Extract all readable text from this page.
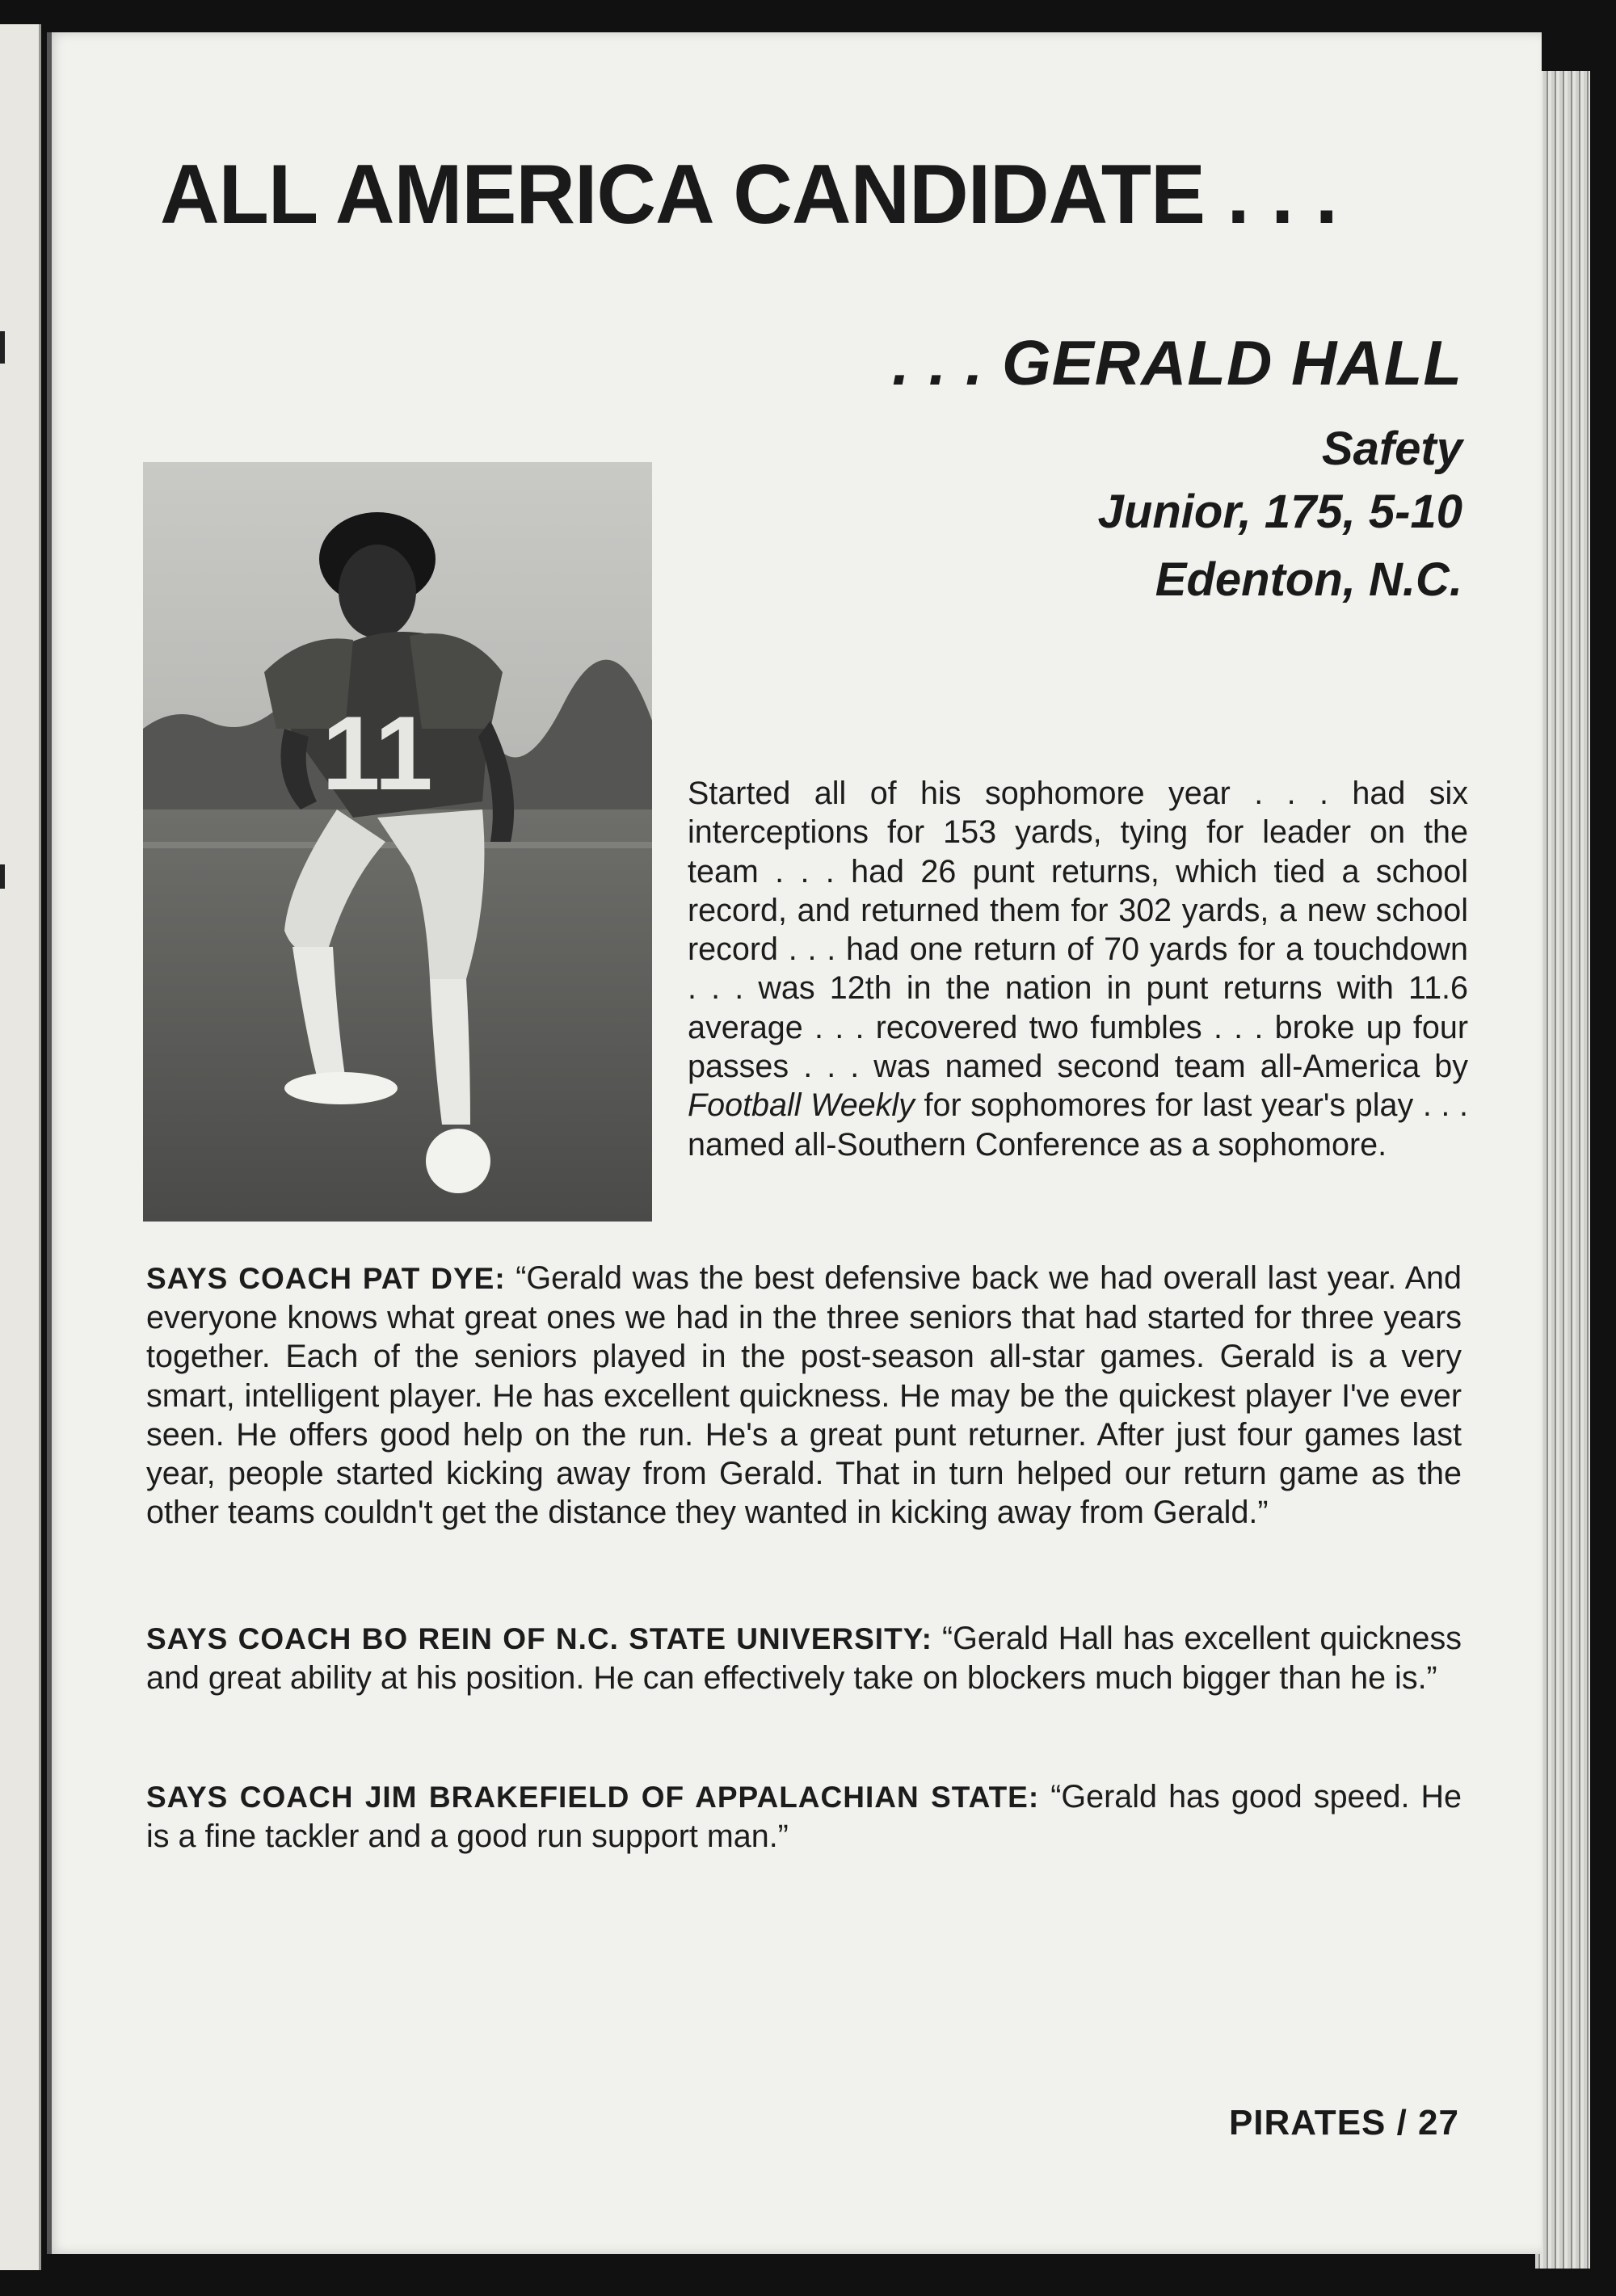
ALL AMERICA CANDIDATE . . .
. . . GERALD HALL
Safety
Junior, 175, 5-10
Edenton, N.C.
11	Started all of his sophomore year . . . had six interceptions for 153 yards, tying for leader on the team . . . had 26 punt returns, which tied a school record, and returned them for 302 yards, a new school record . . . had one return of 70 yards for a touchdown . . . was 12th in the nation in punt returns with 11.6 average . . . recovered two fumbles . . . broke up four passes . . . was named second team all-America by Football Weekly for sophomores for last year's play . . . named all-Southern Conference as a sophomore.

SAYS COACH PAT DYE: “Gerald was the best defensive back we had overall last year. And everyone knows what great ones we had in the three seniors that had started for three years together. Each of the seniors played in the post-season all-star games. Gerald is a very smart, intelligent player. He has excellent quickness. He may be the quickest player I've ever seen. He offers good help on the run. He's a great punt returner. After just four games last year, people started kicking away from Gerald. That in turn helped our return game as the other teams couldn't get the distance they wanted in kicking away from Gerald.”

SAYS COACH BO REIN OF N.C. STATE UNIVERSITY: “Gerald Hall has excellent quickness and great ability at his position. He can effectively take on blockers much bigger than he is.”

SAYS COACH JIM BRAKEFIELD OF APPALACHIAN STATE: “Gerald has good speed. He is a fine tackler and a good run support man.”

PIRATES / 27
